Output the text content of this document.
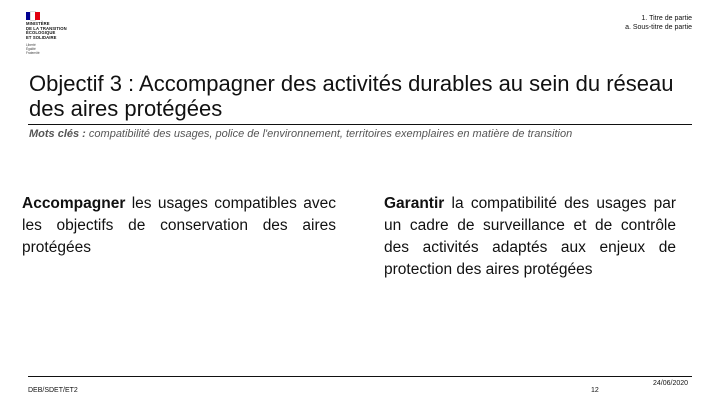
MINISTÈRE
DE LA TRANSITION
ÉCOLOGIQUE
ET SOLIDAIRE
Liberté
Égalité
Fraternité
1. Titre de partie
a. Sous-titre de partie
Objectif 3 : Accompagner des activités durables au sein du réseau des aires protégées
Mots clés : compatibilité des usages, police de l'environnement, territoires exemplaires en matière de transition
Accompagner les usages compatibles avec les objectifs de conservation des aires protégées
Garantir la compatibilité des usages par un cadre de surveillance et de contrôle des activités adaptés aux enjeux de protection des aires protégées
DEB/SDET/ET2	12
24/06/2020
